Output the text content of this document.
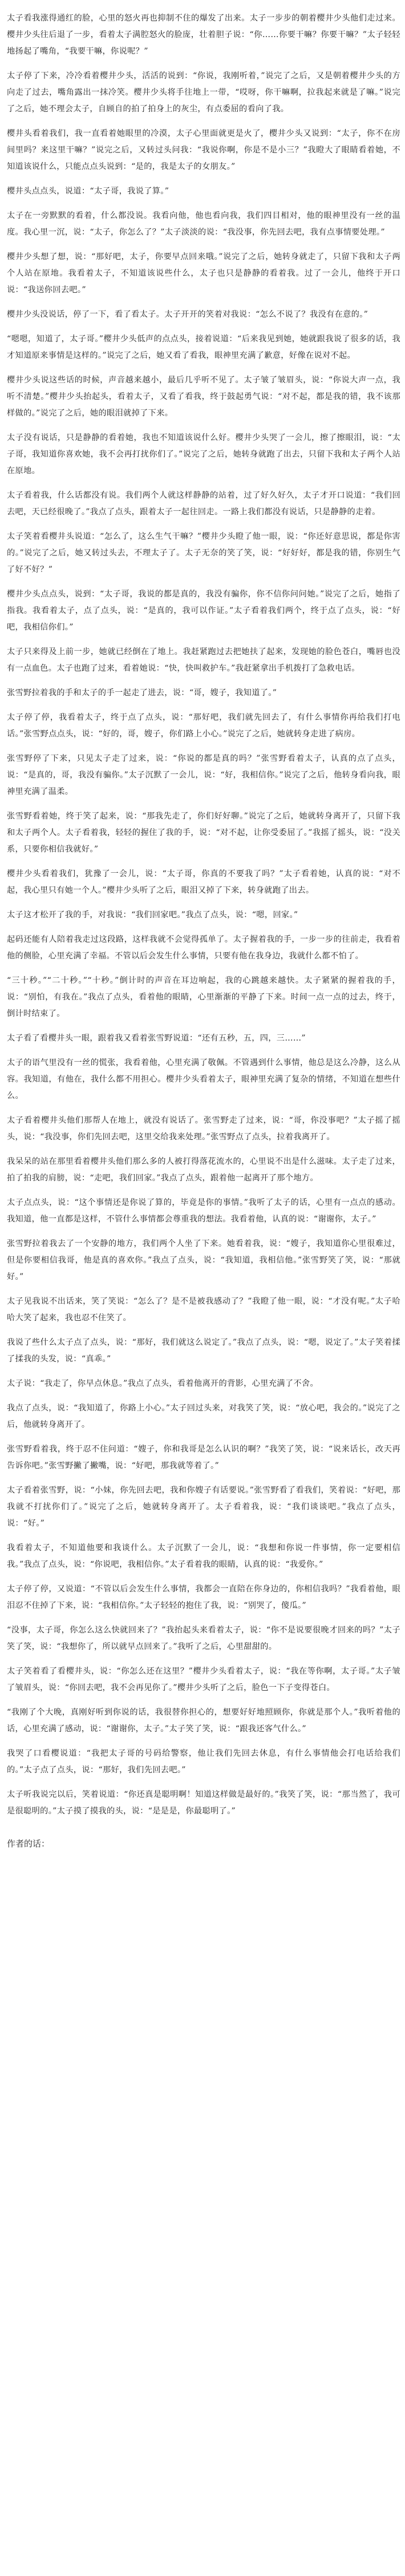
太子看我涨得通红的脸，心里的怒火再也抑制不住的爆发了出来。太子一步步的朝着樱井少头他们走过来。樱井少头往后退了一步，看着太子满腔怒火的脸庞，壮着胆子说：“你……你要干嘛？你要干嘛？”太子轻轻地扬起了嘴角，“我要干嘛，你说呢？”

太子停了下来，冷冷看着樱井少头，活活的说到：“你说，我刚听着，”说完了之后，又是朝着樱井少头的方向走了过去，嘴角露出一抹冷笑。樱井少头将手往地上一带，“哎呀，你干嘛啊，拉我起来就是了嘛。”说完了之后，她不理会太子，自顾自的拍了拍身上的灰尘，有点委屈的看向了我。

樱井头看着我们，我一直看着她眼里的冷漠，太子心里面就更是火了，樱井少头又说到：“太子，你不在房间里吗？来这里干嘛？”说完之后，又转过头问我：“我说你啊，你是不是小三？”我瞪大了眼睛看着她，不知道该说什么，只能点点头说到：“是的，我是太子的女朋友。”

樱井头点点头，说道：“太子哥，我说了算。”

太子在一旁默默的看着，什么都没说。我看向他，他也看向我，我们四目相对，他的眼神里没有一丝的温度。我心里一沉，说：“太子，你怎么了？”太子淡淡的说：“我没事，你先回去吧，我有点事情要处理。”

樱井少头想了想，说：“那好吧，太子，你要早点回来哦。”说完了之后，她转身就走了，只留下我和太子两个人站在原地。我看着太子，不知道该说些什么，太子也只是静静的看着我。过了一会儿，他终于开口说：“我送你回去吧。”

樱井少头没说话，停了一下，看了看太子。太子开开的笑着对我说：“怎么不说了？我没有在意的。”

“嗯嗯，知道了，太子哥。”樱井少头低声的点点头，接着说道：“后来我见到她，她就跟我说了很多的话，我才知道原来事情是这样的。”说完了之后，她又看了看我，眼神里充满了歉意，好像在说对不起。

樱井少头说这些话的时候，声音越来越小，最后几乎听不见了。太子皱了皱眉头，说：“你说大声一点，我听不清楚。”樱井少头抬起头，看着太子，又看了看我，终于鼓起勇气说：“对不起，都是我的错，我不该那样做的。”说完了之后，她的眼泪就掉了下来。

太子没有说话，只是静静的看着她，我也不知道该说什么好。樱井少头哭了一会儿，擦了擦眼泪，说：“太子哥，我知道你喜欢她，我不会再打扰你们了。”说完了之后，她转身就跑了出去，只留下我和太子两个人站在原地。

太子看着我，什么话都没有说。我们两个人就这样静静的站着，过了好久好久，太子才开口说道：“我们回去吧，天已经很晚了。”我点了点头，跟着太子一起往回走。一路上我们都没有说话，只是静静的走着。

太子笑着看樱井头说道：“怎么了，这么生气干嘛？”樱井少头瞪了他一眼，说：“你还好意思说，都是你害的。”说完了之后，她又转过头去，不理太子了。太子无奈的笑了笑，说：“好好好，都是我的错，你别生气了好不好？”

樱井少头点点头，说到：“太子哥，我说的都是真的，我没有骗你，你不信你问问她。”说完了之后，她指了指我。我看着太子，点了点头，说：“是真的，我可以作证。”太子看着我们两个，终于点了点头，说：“好吧，我相信你们。”

太子只来得及上前一步，她就已经倒在了地上。我赶紧跑过去把她扶了起来，发现她的脸色苍白，嘴唇也没有一点血色。太子也跑了过来，看着她说：“快，快叫救护车。”我赶紧拿出手机拨打了急救电话。

张雪野拉着我的手和太子的手一起走了进去，说：“哥，嫂子，我知道了。”

太子停了停，我看着太子，终于点了点头，说：“那好吧，我们就先回去了，有什么事情你再给我们打电话。”张雪野点点头，说：“好的，哥，嫂子，你们路上小心。”说完了之后，她就转身走进了病房。

张雪野停了下来，只见太子走了过来，说：“你说的都是真的吗？”张雪野看着太子，认真的点了点头，说：“是真的，哥，我没有骗你。”太子沉默了一会儿，说：“好，我相信你。”说完了之后，他转身看向我，眼神里充满了温柔。

张雪野看着她，终于笑了起来，说：“那我先走了，你们好好聊。”说完了之后，她就转身离开了，只留下我和太子两个人。太子看着我，轻轻的握住了我的手，说：“对不起，让你受委屈了。”我摇了摇头，说：“没关系，只要你相信我就好。”

樱井少头看着我们，犹豫了一会儿，说：“太子哥，你真的不要我了吗？”太子看着她，认真的说：“对不起，我心里只有她一个人。”樱井少头听了之后，眼泪又掉了下来，转身就跑了出去。

太子这才松开了我的手，对我说：“我们回家吧。”我点了点头，说：“嗯，回家。”

起码还能有人陪着我走过这段路，这样我就不会觉得孤单了。太子握着我的手，一步一步的往前走，我看着他的侧脸，心里充满了幸福。不管以后会发生什么事情，只要有他在我身边，我就什么都不怕了。

“三十秒。”“二十秒。”“十秒。”倒计时的声音在耳边响起，我的心跳越来越快。太子紧紧的握着我的手，说：“别怕，有我在。”我点了点头，看着他的眼睛，心里渐渐的平静了下来。时间一点一点的过去，终于，倒计时结束了。

太子看了看樱井头一眼，跟着我又看着张雪野说道：“还有五秒，五，四，三……”

太子的语气里没有一丝的慌张，我看着他，心里充满了敬佩。不管遇到什么事情，他总是这么冷静，这么从容。我知道，有他在，我什么都不用担心。樱井少头看着太子，眼神里充满了复杂的情绪，不知道在想些什么。

太子看着樱井头他们那帮人在地上，就没有说话了。张雪野走了过来，说：“哥，你没事吧？”太子摇了摇头，说：“我没事，你们先回去吧，这里交给我来处理。”张雪野点了点头，拉着我离开了。

我呆呆的站在那里看着樱井头他们那么多的人被打得落花流水的，心里说不出是什么滋味。太子走了过来，拍了拍我的肩膀，说：“走吧，我们回家。”我点了点头，跟着他一起离开了那个地方。

太子点点头，说：“这个事情还是你说了算的，毕竟是你的事情。”我听了太子的话，心里有一点点的感动。我知道，他一直都是这样，不管什么事情都会尊重我的想法。我看着他，认真的说：“谢谢你，太子。”

张雪野拉着我去了一个安静的地方，我们两个人坐了下来。她看着我，说：“嫂子，我知道你心里很难过，但是你要相信我哥，他是真的喜欢你。”我点了点头，说：“我知道，我相信他。”张雪野笑了笑，说：“那就好。”

太子见我说不出话来，笑了笑说：“怎么了？是不是被我感动了？”我瞪了他一眼，说：“才没有呢。”太子哈哈大笑了起来，我也忍不住笑了。

我说了些什么太子点了点头，说：“那好，我们就这么说定了。”我点了点头，说：“嗯，说定了。”太子笑着揉了揉我的头发，说：“真乖。”

太子说：“我走了，你早点休息。”我点了点头，看着他离开的背影，心里充满了不舍。

我点了点头，说：“我知道了，你路上小心。”太子回过头来，对我笑了笑，说：“放心吧，我会的。”说完了之后，他就转身离开了。

张雪野看着我，终于忍不住问道：“嫂子，你和我哥是怎么认识的啊？”我笑了笑，说：“说来话长，改天再告诉你吧。”张雪野撇了撇嘴，说：“好吧，那我就等着了。”

太子看着张雪野，说：“小妹，你先回去吧，我和你嫂子有话要说。”张雪野看了看我们，笑着说：“好吧，那我就不打扰你们了。”说完了之后，她就转身离开了。太子看着我，说：“我们谈谈吧。”我点了点头，说：“好。”

我看着太子，不知道他要和我谈什么。太子沉默了一会儿，说：“我想和你说一件事情，你一定要相信我。”我点了点头，说：“你说吧，我相信你。”太子看着我的眼睛，认真的说：“我爱你。”

太子停了停，又说道：“不管以后会发生什么事情，我都会一直陪在你身边的，你相信我吗？”我看着他，眼泪忍不住掉了下来，说：“我相信你。”太子轻轻的抱住了我，说：“别哭了，傻瓜。”

“没事，太子哥，你怎么这么快就回来了？”我抬起头来看着太子，说：“你不是说要很晚才回来的吗？”太子笑了笑，说：“我想你了，所以就早点回来了。”我听了之后，心里甜甜的。

太子笑着看了看樱井头，说：“你怎么还在这里？”樱井少头看着太子，说：“我在等你啊，太子哥。”太子皱了皱眉头，说：“你回去吧，我不会再见你了。”樱井少头听了之后，脸色一下子变得苍白。

“我刚了个大晚，真刚好听到你说的话，我很替你担心的，想要好好地照顾你，你就是那个人。”我听着他的话，心里充满了感动，说：“谢谢你，太子。”太子笑了笑，说：“跟我还客气什么。”

我哭了口看樱说道：“我把太子哥的号码给警察，他让我们先回去休息，有什么事情他会打电话给我们的。”太子点了点头，说：“那好，我们先回去吧。”

太子听我说完以后，笑着说道：“你还真是聪明啊！知道这样做是最好的。”我笑了笑，说：“那当然了，我可是很聪明的。”太子摸了摸我的头，说：“是是是，你最聪明了。”

作者的话：
